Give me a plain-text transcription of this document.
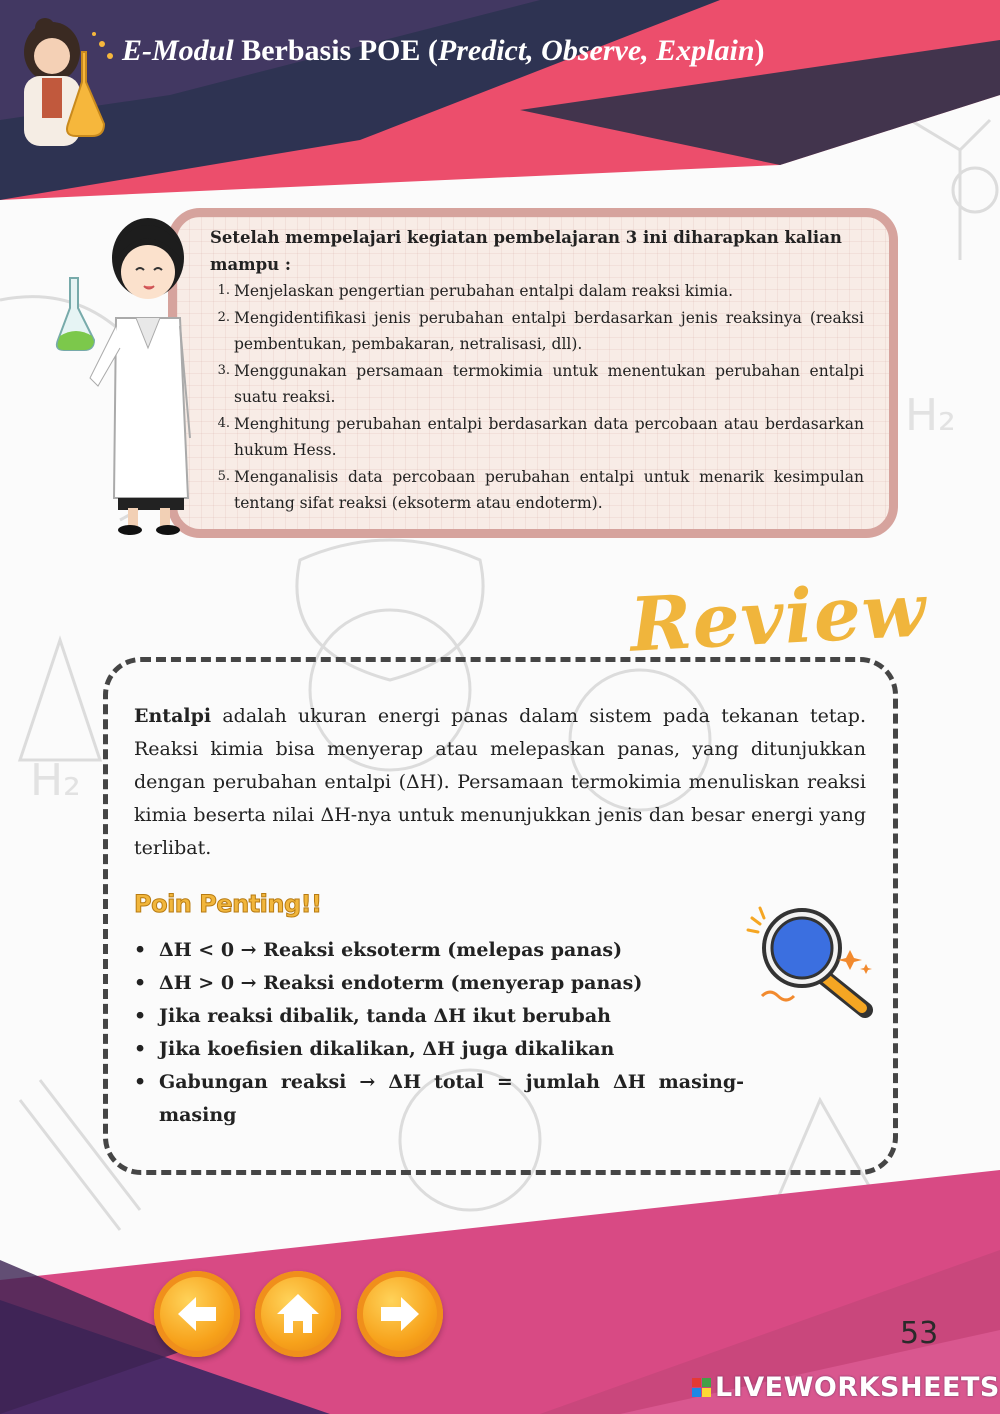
H₂
H₂
E-Modul Berbasis POE (Predict, Observe, Explain)
Setelah mempelajari kegiatan pembelajaran 3 ini diharapkan kalian mampu :
1. Menjelaskan pengertian perubahan entalpi dalam reaksi kimia.
2. Mengidentifikasi jenis perubahan entalpi berdasarkan jenis reaksinya (reaksi pembentukan, pembakaran, netralisasi, dll).
3. Menggunakan persamaan termokimia untuk menentukan perubahan entalpi suatu reaksi.
4. Menghitung perubahan entalpi berdasarkan data percobaan atau berdasarkan hukum Hess.
5. Menganalisis data percobaan perubahan entalpi untuk menarik kesimpulan tentang sifat reaksi (eksoterm atau endoterm).
Review
Entalpi adalah ukuran energi panas dalam sistem pada tekanan tetap. Reaksi kimia bisa menyerap atau melepaskan panas, yang ditunjukkan dengan perubahan entalpi (ΔH). Persamaan termokimia menuliskan reaksi kimia beserta nilai ΔH-nya untuk menunjukkan jenis dan besar energi yang terlibat.
Poin Penting!!
• ΔH < 0 → Reaksi eksoterm (melepas panas)
• ΔH > 0 → Reaksi endoterm (menyerap panas)
• Jika reaksi dibalik, tanda ΔH ikut berubah
• Jika koefisien dikalikan, ΔH juga dikalikan
• Gabungan reaksi → ΔH total = jumlah ΔH masing-masing
53
LIVEWORKSHEETS
